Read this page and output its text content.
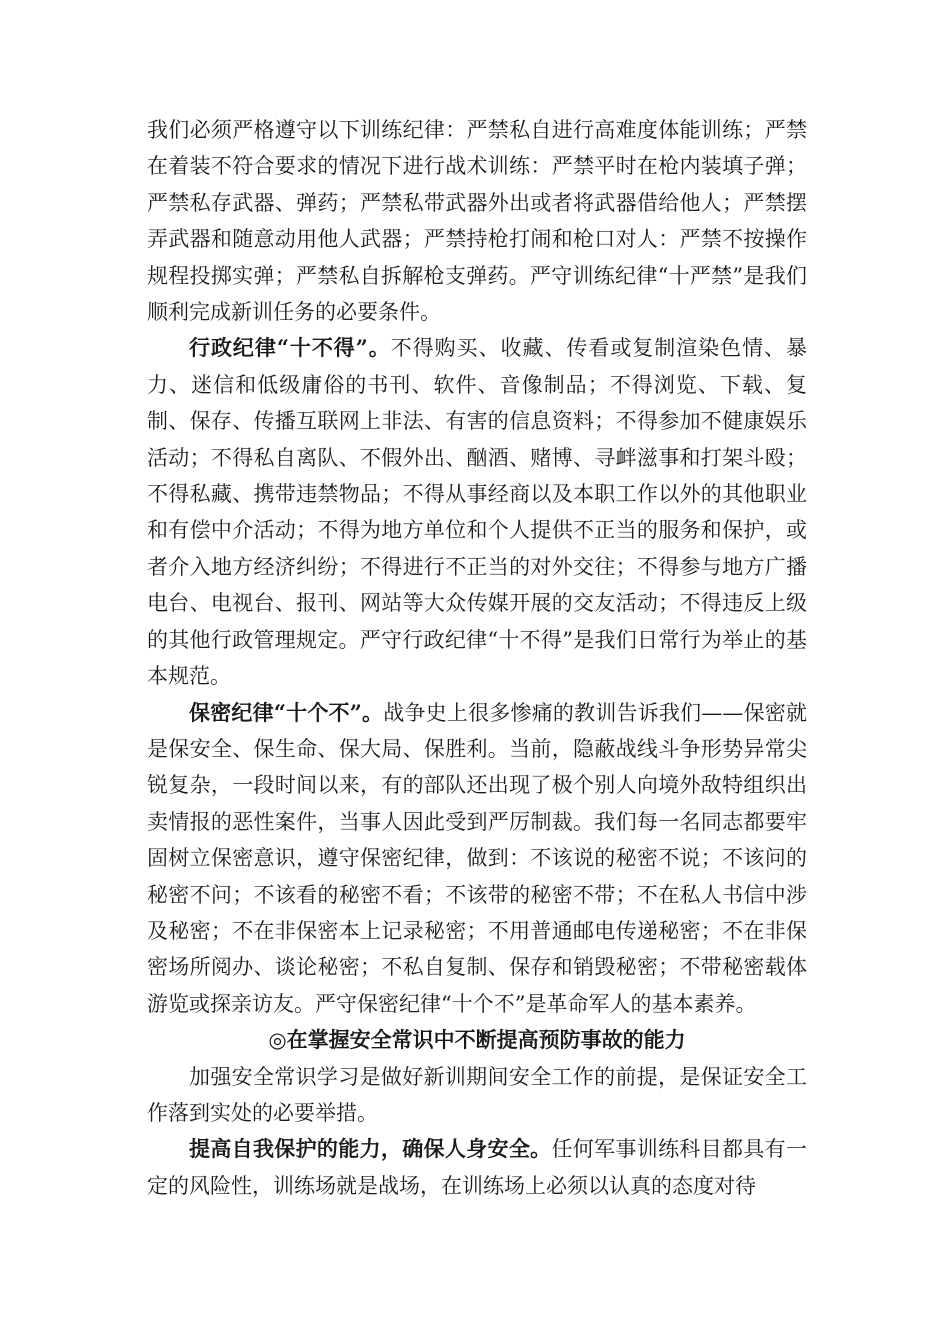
我们必须严格遵守以下训练纪律：严禁私自进行高难度体能训练；严禁在着装不符合要求的情况下进行战术训练：严禁平时在枪内装填子弹；严禁私存武器、弹药；严禁私带武器外出或者将武器借给他人；严禁摆弄武器和随意动用他人武器；严禁持枪打闹和枪口对人：严禁不按操作规程投掷实弹；严禁私自拆解枪支弹药。严守训练纪律“十严禁”是我们顺利完成新训任务的必要条件。

行政纪律“十不得”。不得购买、收藏、传看或复制渲染色情、暴力、迷信和低级庸俗的书刊、软件、音像制品；不得浏览、下载、复制、保存、传播互联网上非法、有害的信息资料；不得参加不健康娱乐活动；不得私自离队、不假外出、酗酒、赌博、寻衅滋事和打架斗殴；不得私藏、携带违禁物品；不得从事经商以及本职工作以外的其他职业和有偿中介活动；不得为地方单位和个人提供不正当的服务和保护，或者介入地方经济纠纷；不得进行不正当的对外交往；不得参与地方广播电台、电视台、报刊、网站等大众传媒开展的交友活动；不得违反上级的其他行政管理规定。严守行政纪律“十不得”是我们日常行为举止的基本规范。

保密纪律“十个不”。战争史上很多惨痛的教训告诉我们——保密就是保安全、保生命、保大局、保胜利。当前，隐蔽战线斗争形势异常尖锐复杂，一段时间以来，有的部队还出现了极个别人向境外敌特组织出卖情报的恶性案件，当事人因此受到严厉制裁。我们每一名同志都要牢固树立保密意识，遵守保密纪律，做到：不该说的秘密不说；不该问的秘密不问；不该看的秘密不看；不该带的秘密不带；不在私人书信中涉及秘密；不在非保密本上记录秘密；不用普通邮电传递秘密；不在非保密场所阅办、谈论秘密；不私自复制、保存和销毁秘密；不带秘密载体游览或探亲访友。严守保密纪律“十个不”是革命军人的基本素养。

◎在掌握安全常识中不断提高预防事故的能力

加强安全常识学习是做好新训期间安全工作的前提，是保证安全工作落到实处的必要举措。

提高自我保护的能力，确保人身安全。任何军事训练科目都具有一定的风险性，训练场就是战场，在训练场上必须以认真的态度对待
